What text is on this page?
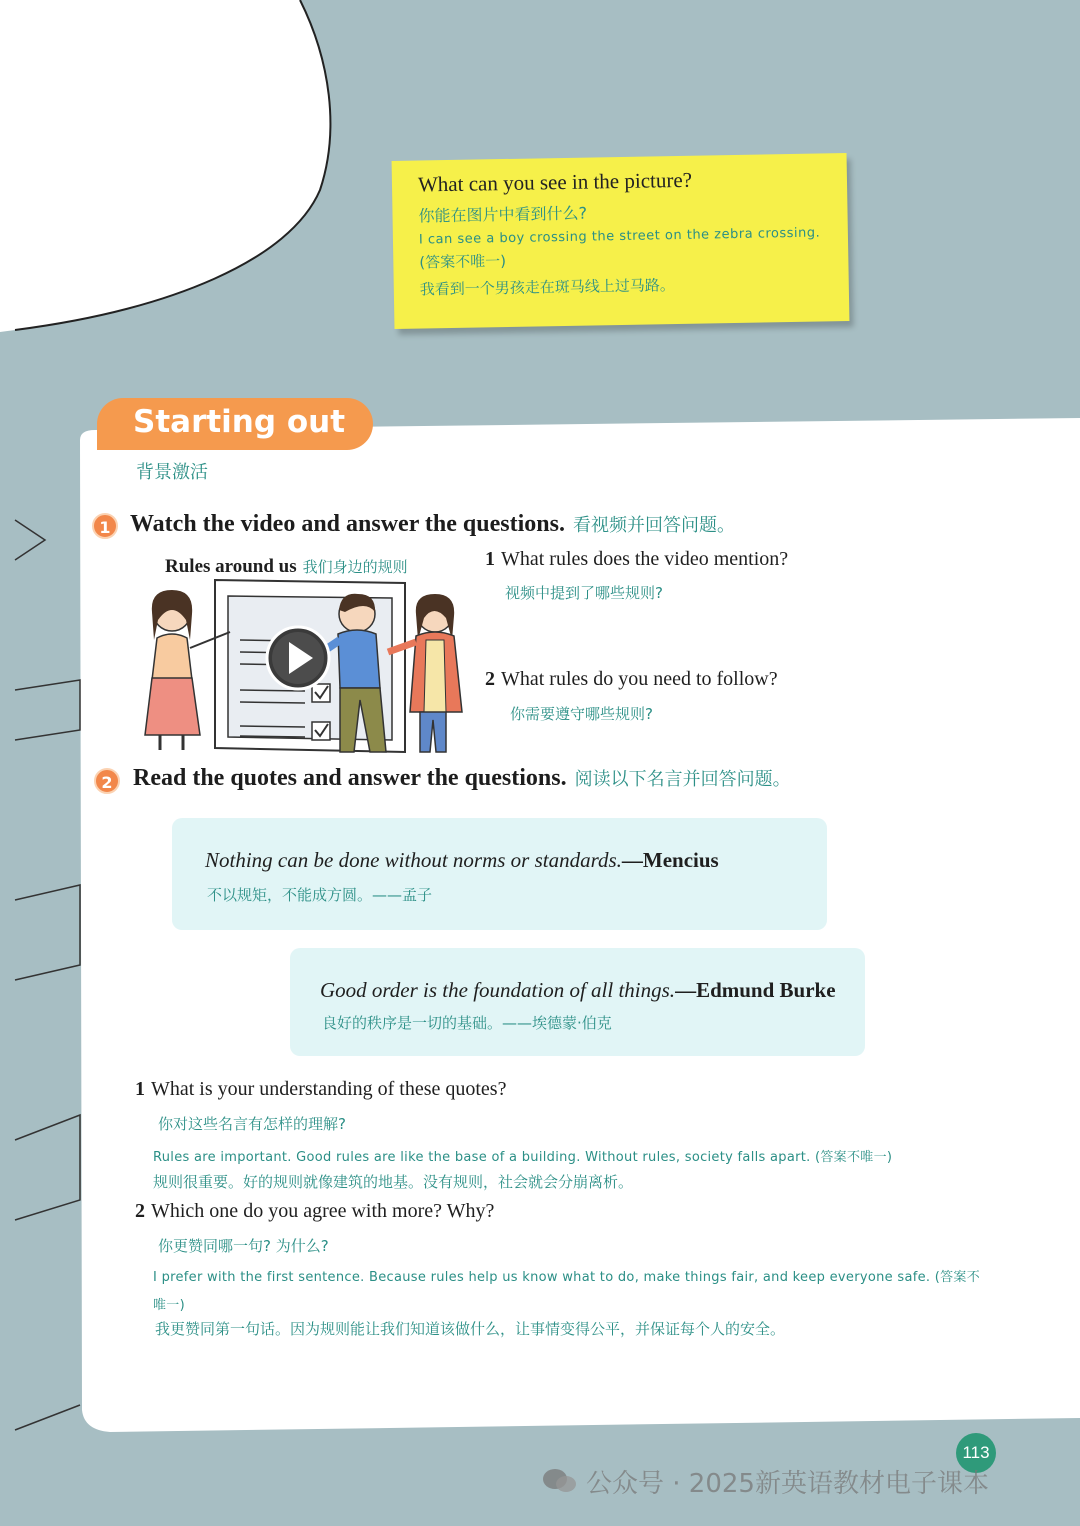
What can you see in the picture?
你能在图片中看到什么?
I can see a boy crossing the street on the zebra crossing.
(答案不唯一)
我看到一个男孩走在斑马线上过马路。
Starting out
背景激活
1 Watch the video and answer the questions. 看视频并回答问题。
Rules around us 我们身边的规则	1 What rules does the video mention?
视频中提到了哪些规则?
2 What rules do you need to follow?
你需要遵守哪些规则?
2 Read the quotes and answer the questions. 阅读以下名言并回答问题。
Nothing can be done without norms or standards.—Mencius
不以规矩，不能成方圆。——孟子
Good order is the foundation of all things.—Edmund Burke
良好的秩序是一切的基础。——埃德蒙·伯克
1 What is your understanding of these quotes?
你对这些名言有怎样的理解?
Rules are important. Good rules are like the base of a building. Without rules, society falls apart. (答案不唯一)
规则很重要。好的规则就像建筑的地基。没有规则，社会就会分崩离析。
2 Which one do you agree with more? Why?
你更赞同哪一句? 为什么?
I prefer with the first sentence. Because rules help us know what to do, make things fair, and keep everyone safe. (答案不
唯一)
我更赞同第一句话。因为规则能让我们知道该做什么，让事情变得公平，并保证每个人的安全。
113
公众号 · 2025新英语教材电子课本
